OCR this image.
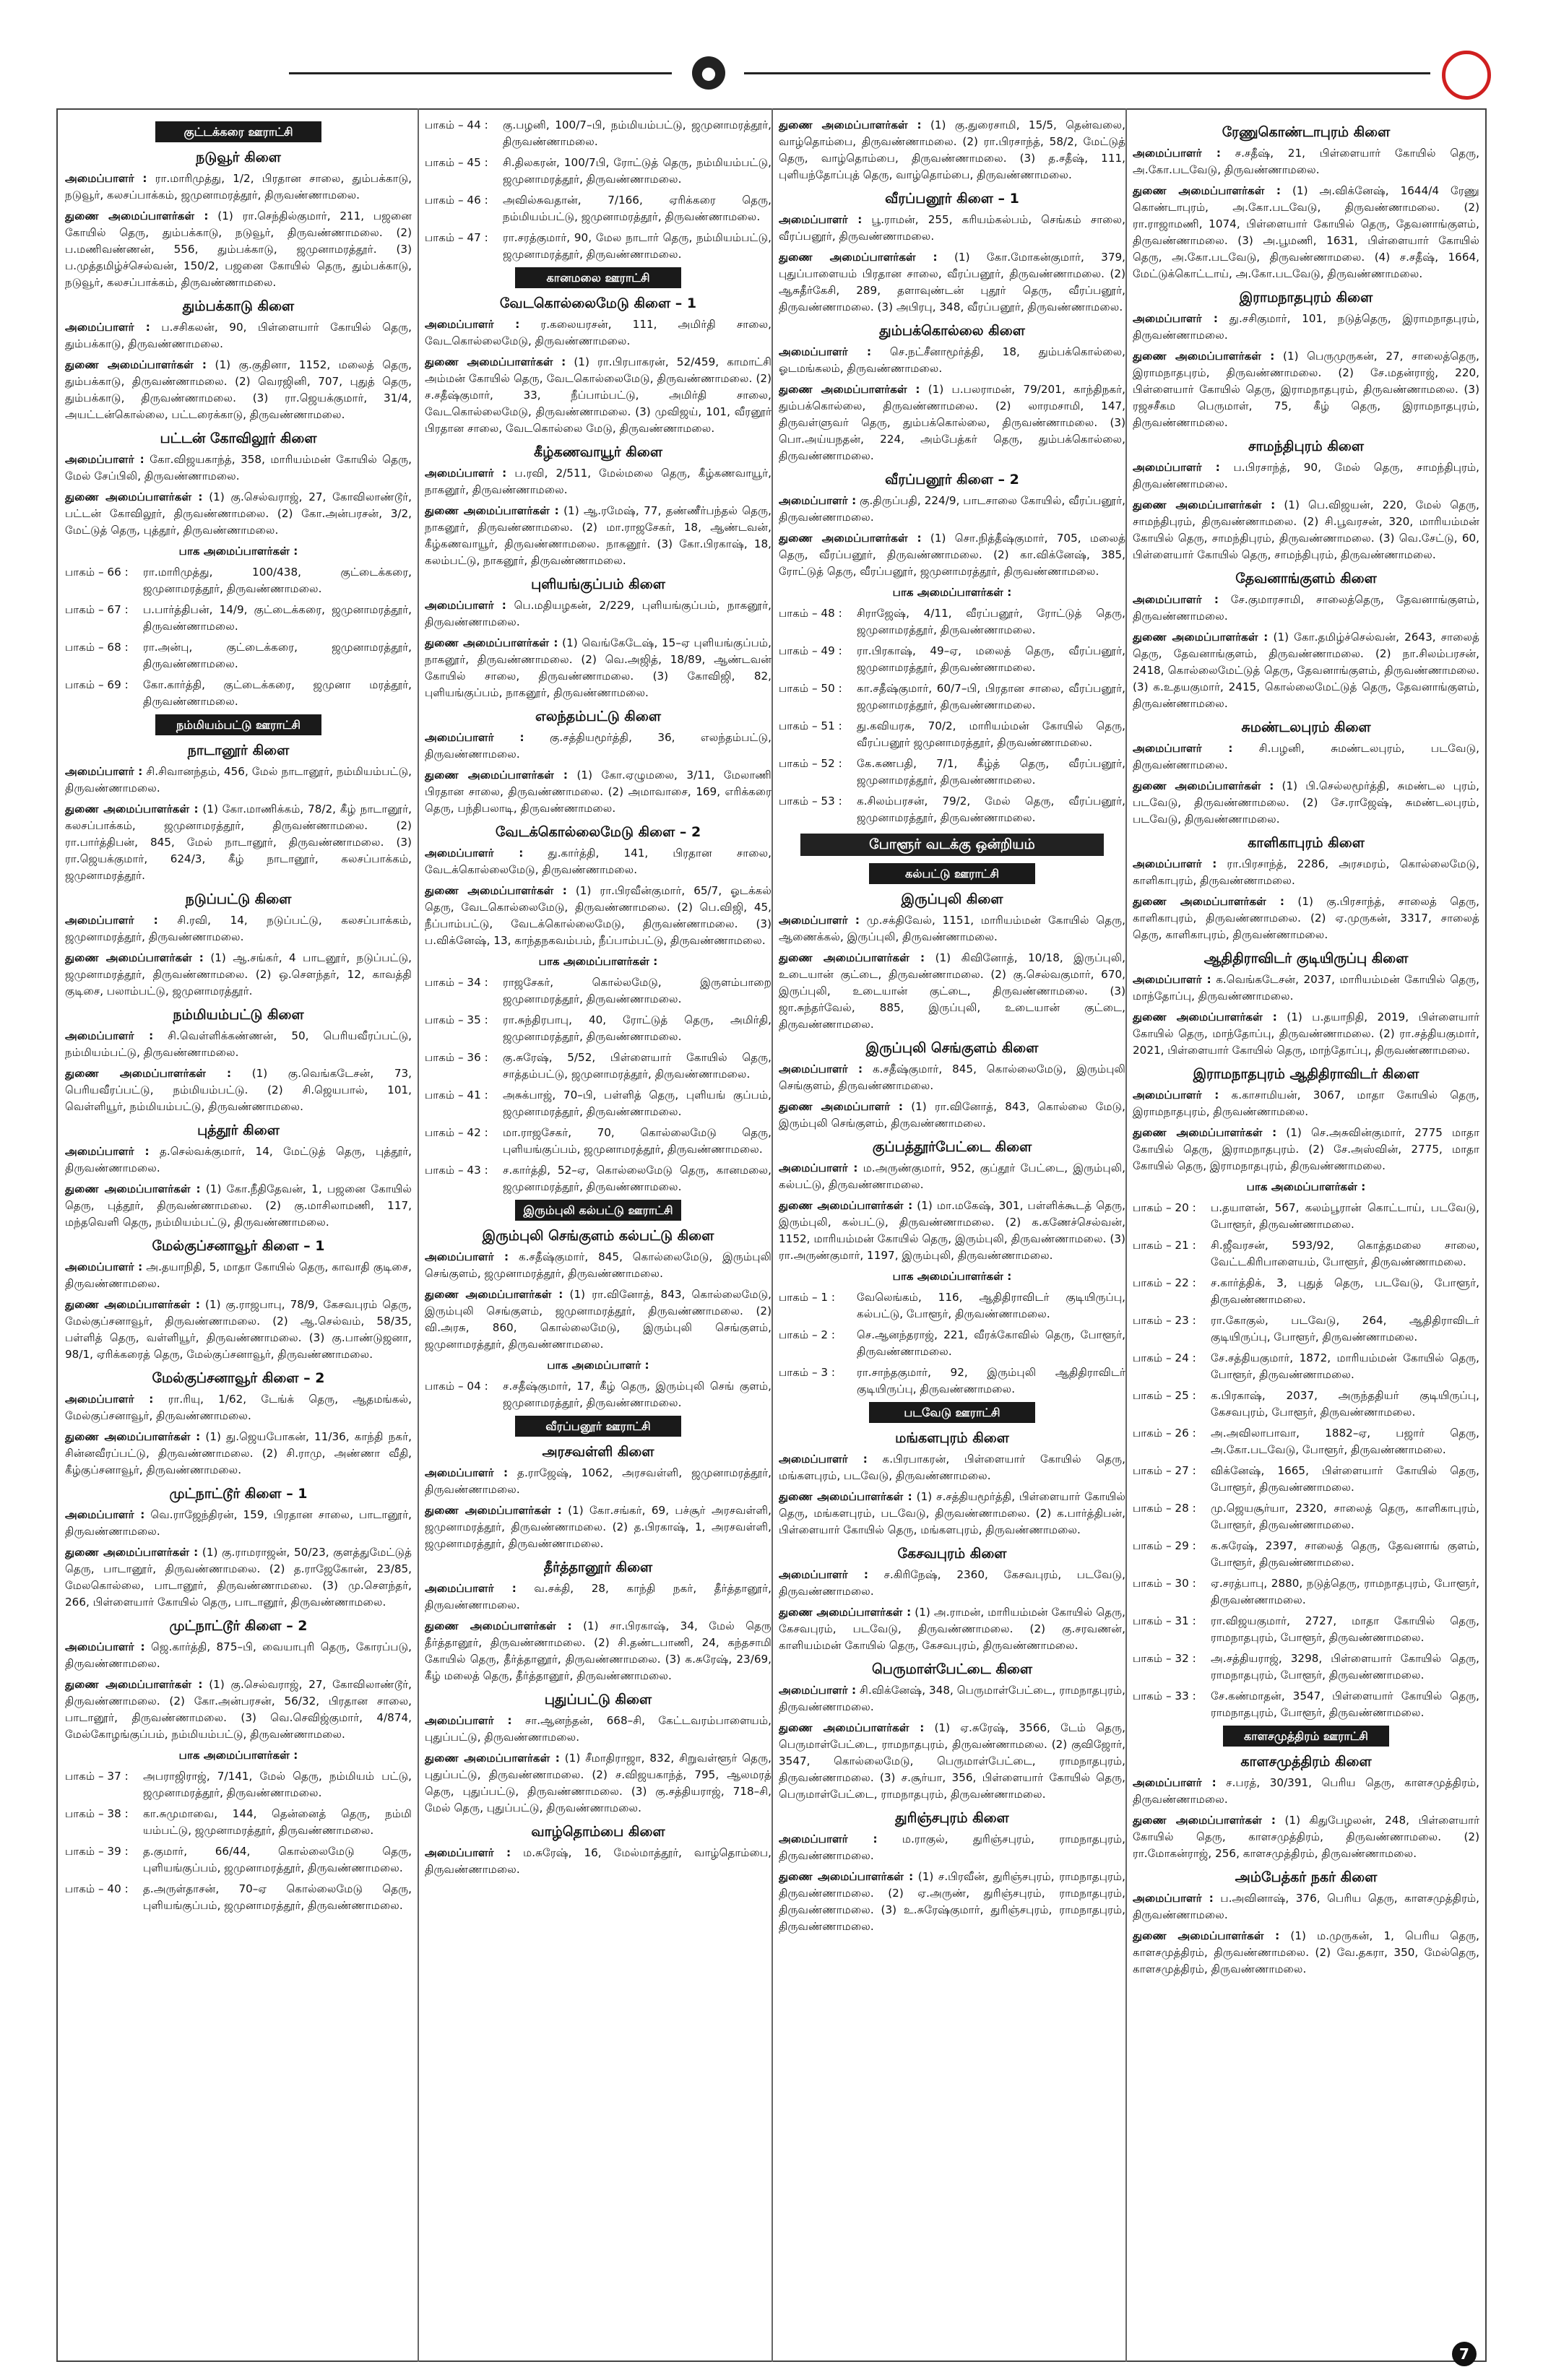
●
குட்டக்கரை ஊராட்சி
நடுவூர் கிளை

அமைப்பாளர் : ரா.மாரிமுத்து, 1/2, பிரதான சாலை, தும்பக்காடு, நடுவூர், கலசப்பாக்கம், ஜமுனாமரத்தூர், திருவண்ணாமலை.

துணை அமைப்பாளர்கள் : (1) ரா.செந்தில்குமார், 211, பஜனை கோயில் தெரு, தும்பக்காடு, நடுவூர், திருவண்ணாமலை. (2) ப.மணிவண்ணன், 556, தும்பக்காடு, ஜமுனாமரத்தூர். (3) ப.முத்தமிழ்ச்செல்வன், 150/2, பஜனை கோயில் தெரு, தும்பக்காடு, நடுவூர், கலசப்பாக்கம், திருவண்ணாமலை.

தும்பக்காடு கிளை

அமைப்பாளர் : ப.சசிகலன், 90, பிள்ளையார் கோயில் தெரு, தும்பக்காடு, திருவண்ணாமலை.

துணை அமைப்பாளர்கள் : (1) கு.குதினா, 1152, மலைத் தெரு, தும்பக்காடு, திருவண்ணாமலை. (2) வெரஜினி, 707, புதுத் தெரு, தும்பக்காடு, திருவண்ணாமலை. (3) ரா.ஜெயக்குமார், 31/4, அயட்டன்கொல்லை, பட்டரைக்காடு, திருவண்ணாமலை.

பட்டன் கோவிலூர் கிளை

அமைப்பாளர் : கோ.விஜயகாந்த், 358, மாரியம்மன் கோயில் தெரு, மேல் சேப்பிலி, திருவண்ணாமலை.

துணை அமைப்பாளர்கள் : (1) கு.செல்வராஜ், 27, கோவிலாண்டூர், பட்டன் கோவிலூர், திருவண்ணாமலை. (2) கோ.அன்பரசன், 3/2, மேட்டுத் தெரு, புத்தூர், திருவண்ணாமலை.

பாக அமைப்பாளர்கள் :
பாகம் – 66 :	ரா.மாரிமுத்து, 100/438, குட்டைக்கரை, ஜமுனாமரத்தூர், திருவண்ணாமலை.
பாகம் – 67 :	ப.பார்த்திபன், 14/9, குட்டைக்கரை, ஜமுனாமரத்தூர், திருவண்ணாமலை.
பாகம் – 68 :	ரா.அன்பு, குட்டைக்கரை, ஜமுனாமரத்தூர், திருவண்ணாமலை.
பாகம் – 69 :	கோ.கார்த்தி, குட்டைக்கரை, ஜமுனா மரத்தூர், திருவண்ணாமலை.
நம்மியம்பட்டு ஊராட்சி
நாடானூர் கிளை

அமைப்பாளர் : சி.சிவானந்தம், 456, மேல் நாடானூர், நம்மியம்பட்டு, திருவண்ணாமலை.

துணை அமைப்பாளர்கள் : (1) கோ.மாணிக்கம், 78/2, கீழ் நாடானூர், கலசப்பாக்கம், ஜமுனாமரத்தூர், திருவண்ணாமலை. (2) ரா.பார்த்திபன், 845, மேல் நாடானூர், திருவண்ணாமலை. (3) ரா.ஜெயக்குமார், 624/3, கீழ் நாடானூர், கலசப்பாக்கம், ஜமுனாமரத்தூர்.

நடுப்பட்டு கிளை

அமைப்பாளர் : சி.ரவி, 14, நடுப்பட்டு, கலசப்பாக்கம், ஜமுனாமரத்தூர், திருவண்ணாமலை.

துணை அமைப்பாளர்கள் : (1) ஆ.சங்கர், 4 பாடனூர், நடுப்பட்டு, ஜமுனாமரத்தூர், திருவண்ணாமலை. (2) ஒ.சௌந்தர், 12, காவத்தி குடிசை, பலாம்பட்டு, ஜமுனாமரத்தூர்.

நம்மியம்பட்டு கிளை

அமைப்பாளர் : சி.வெள்ளிக்கண்ணன், 50, பெரியவீரப்பட்டு, நம்மியம்பட்டு, திருவண்ணாமலை.

துணை அமைப்பாளர்கள் : (1) கு.வெங்கடேசன், 73, பெரியவீரப்பட்டு, நம்மியம்பட்டு. (2) சி.ஜெயபால், 101, வெள்ளியூர், நம்மியம்பட்டு, திருவண்ணாமலை.

புத்தூர் கிளை

அமைப்பாளர் : த.செல்வக்குமார், 14, மேட்டுத் தெரு, புத்தூர், திருவண்ணாமலை.

துணை அமைப்பாளர்கள் : (1) கோ.நீதிதேவன், 1, பஜனை கோயில் தெரு, புத்தூர், திருவண்ணாமலை. (2) கு.மாசிலாமணி, 117, மந்தவெளி தெரு, நம்மியம்பட்டு, திருவண்ணாமலை.

மேல்குப்சனாவூர் கிளை – 1

அமைப்பாளர் : அ.தயாநிதி, 5, மாதா கோயில் தெரு, காவாதி குடிசை, திருவண்ணாமலை.

துணை அமைப்பாளர்கள் : (1) கு.ராஜபாபு, 78/9, கேசவபுரம் தெரு, மேல்குப்சனாவூர், திருவண்ணாமலை. (2) ஆ.செல்வம், 58/35, பள்ளித் தெரு, வள்ளியூர், திருவண்ணாமலை. (3) கு.பாண்டுஜனா, 98/1, ஏரிக்கரைத் தெரு, மேல்குப்சனாவூர், திருவண்ணாமலை.

மேல்குப்சனாவூர் கிளை – 2

அமைப்பாளர் : ரா.ரியு, 1/62, டேங்க் தெரு, ஆதமங்கல், மேல்குப்சனாவூர், திருவண்ணாமலை.

துணை அமைப்பாளர்கள் : (1) து.ஜெயபோகன், 11/36, காந்தி நகர், சின்னவீரப்பட்டு, திருவண்ணாமலை. (2) சி.ராமு, அண்ணா வீதி, கீழ்குப்சனாவூர், திருவண்ணாமலை.

முட்நாட்டூர் கிளை – 1

அமைப்பாளர் : வெ.ராஜேந்திரன், 159, பிரதான சாலை, பாடானூர், திருவண்ணாமலை.

துணை அமைப்பாளர்கள் : (1) கு.ராமராஜன், 50/23, குளத்துமேட்டுத் தெரு, பாடானூர், திருவண்ணாமலை. (2) த.ராஜேகோன், 23/85, மேலகொல்லை, பாடானூர், திருவண்ணாமலை. (3) மு.சௌந்தர், 266, பிள்ளையார் கோயில் தெரு, பாடானூர், திருவண்ணாமலை.

முட்நாட்டூர் கிளை – 2

அமைப்பாளர் : ஜெ.கார்த்தி, 875–பி, வையாபுரி தெரு, கோரப்படு, திருவண்ணாமலை.

துணை அமைப்பாளர்கள் : (1) கு.செல்வராஜ், 27, கோவிலாண்டூர், திருவண்ணாமலை. (2) கோ.அன்பரசன், 56/32, பிரதான சாலை, பாடானூர், திருவண்ணாமலை. (3) வெ.செவிஜ்குமார், 4/874, மேல்கோழங்குப்பம், நம்மியம்பட்டு, திருவண்ணாமலை.

பாக அமைப்பாளர்கள் :
பாகம் – 37 :	அபராஜிராஜ், 7/141, மேல் தெரு, நம்மியம் பட்டு, ஜமுனாமரத்தூர், திருவண்ணாமலை.
பாகம் – 38 :	கா.சுமுமாவை, 144, தென்னைத் தெரு, நம்மி யம்பட்டு, ஜமுனாமரத்தூர், திருவண்ணாமலை.
பாகம் – 39 :	த.குமார், 66/44, கொல்லைமேடு தெரு, புளியங்குப்பம், ஜமுனாமரத்தூர், திருவண்ணாமலை.
பாகம் – 40 :	த.அருள்தாசன், 70–ஏ கொல்லைமேடு தெரு, புளியங்குப்பம், ஜமுனாமரத்தூர், திருவண்ணாமலை.
பாகம் – 44 :	கு.பழனி, 100/7–பி, நம்மியம்பட்டு, ஜமுனாமரத்தூர், திருவண்ணாமலை.
பாகம் – 45 :	சி.திலகரன், 100/7பி, ரோட்டுத் தெரு, நம்மியம்பட்டு, ஜமுனாமரத்தூர், திருவண்ணாமலை.
பாகம் – 46 :	அவில்சுவதான், 7/166, ஏரிக்கரை தெரு, நம்மியம்பட்டு, ஜமுனாமரத்தூர், திருவண்ணாமலை.
பாகம் – 47 :	ரா.சரத்குமார், 90, மேல நாடார் தெரு, நம்மியம்பட்டு, ஜமுனாமரத்தூர், திருவண்ணாமலை.
கானமலை ஊராட்சி
வேடகொல்லைமேடு கிளை – 1

அமைப்பாளர் : ர.கலையரசன், 111, அமிர்தி சாலை, வேடகொல்லைமேடு, திருவண்ணாமலை.

துணை அமைப்பாளர்கள் : (1) ரா.பிரபாகரன், 52/459, காமாட்சி அம்மன் கோயில் தெரு, வேடகொல்லைமேடு, திருவண்ணாமலை. (2) ச.சதீஷ்குமார், 33, நீப்பாம்பட்டு, அமிர்தி சாலை, வேடகொல்லைமேடு, திருவண்ணாமலை. (3) முவிஜய், 101, வீரனூர் பிரதான சாலை, வேடகொல்லை மேடு, திருவண்ணாமலை.

கீழ்கணவாயூர் கிளை

அமைப்பாளர் : ப.ரவி, 2/511, மேல்மலை தெரு, கீழ்கணவாயூர், நாகனூர், திருவண்ணாமலை.

துணை அமைப்பாளர்கள் : (1) ஆ.ரமேஷ், 77, தண்ணீர்பந்தல் தெரு, நாகனூர், திருவண்ணாமலை. (2) மா.ராஜசேகர், 18, ஆண்டவன், கீழ்கணவாயூர், திருவண்ணாமலை. நாகனூர். (3) கோ.பிரகாஷ், 18, கலம்பட்டு, நாகனூர், திருவண்ணாமலை.

புளியங்குப்பம் கிளை

அமைப்பாளர் : பெ.மதியழகன், 2/229, புளியங்குப்பம், நாகனூர், திருவண்ணாமலை.

துணை அமைப்பாளர்கள் : (1) வெங்கேடேஷ், 15–ஏ புளியங்குப்பம், நாகனூர், திருவண்ணாமலை. (2) வெ.அஜித், 18/89, ஆண்டவன் கோயில் சாலை, திருவண்ணாமலை. (3) கோவிஜி, 82, புளியங்குப்பம், நாகனூர், திருவண்ணாமலை.

எலந்தம்பட்டு கிளை

அமைப்பாளர் : கு.சத்தியமூர்த்தி, 36, எலந்தம்பட்டு, திருவண்ணாமலை.

துணை அமைப்பாளர்கள் : (1) கோ.ஏழுமலை, 3/11, மேலாணி பிரதான சாலை, திருவண்ணாமலை. (2) அமாவாசை, 169, எரிக்கரை தெரு, பந்திபலாடி, திருவண்ணாமலை.

வேடக்கொல்லைமேடு கிளை – 2

அமைப்பாளர் : து.கார்த்தி, 141, பிரதான சாலை, வேடக்கொல்லைமேடு, திருவண்ணாமலை.

துணை அமைப்பாளர்கள் : (1) ரா.பிரவீன்குமார், 65/7, ஓடக்கல் தெரு, வேடகொல்லைமேடு, திருவண்ணாமலை. (2) பெ.விஜி, 45, நீப்பாம்பட்டு, வேடக்கொல்லைமேடு, திருவண்ணாமலை. (3) ப.விக்னேஷ், 13, காந்தநகவம்பம், நீப்பாம்பட்டு, திருவண்ணாமலை.

பாக அமைப்பாளர்கள் :
பாகம் – 34 :	ராஜசேகர், கொல்லமேடு, இருளம்பாறை ஜமுனாமரத்தூர், திருவண்ணாமலை.
பாகம் – 35 :	ரா.சுந்திரபாபு, 40, ரோட்டுத் தெரு, அமிர்தி, ஜமுனாமரத்தூர், திருவண்ணாமலை.
பாகம் – 36 :	கு.சுரேஷ், 5/52, பிள்ளையார் கோயில் தெரு, சாத்தம்பட்டு, ஜமுனாமரத்தூர், திருவண்ணாமலை.
பாகம் – 41 :	அசுக்பாஜ், 70–பி, பள்ளித் தெரு, புளியங் குப்பம், ஜமுனாமரத்தூர், திருவண்ணாமலை.
பாகம் – 42 :	மா.ராஜசேகர், 70, கொல்லைமேடு தெரு, புளியங்குப்பம், ஜமுனாமரத்தூர், திருவண்ணாமலை.
பாகம் – 43 :	ச.கார்த்தி, 52–ஏ, கொல்லைமேடு தெரு, கானமலை, ஜமுனாமரத்தூர், திருவண்ணாமலை.
இரும்புலி கல்பட்டு ஊராட்சி
இரும்புலி செங்குளம் கல்பட்டு கிளை

அமைப்பாளர் : க.சதீஷ்குமார், 845, கொல்லைமேடு, இரும்புலி செங்குளம், ஜமுனாமரத்தூர், திருவண்ணாமலை.

துணை அமைப்பாளர்கள் : (1) ரா.வினோத், 843, கொல்லைமேடு, இரும்புலி செங்குளம், ஜமுனாமரத்தூர், திருவண்ணாமலை. (2) வி.அரசு, 860, கொல்லைமேடு, இரும்புலி செங்குளம், ஜமுனாமரத்தூர், திருவண்ணாமலை.

பாக அமைப்பாளர் :
பாகம் – 04 :	ச.சதீஷ்குமார், 17, கீழ் தெரு, இரும்புலி செங் குளம், ஜமுனாமரத்தூர், திருவண்ணாமலை.
வீரப்பனூர் ஊராட்சி
அரசவள்ளி கிளை

அமைப்பாளர் : த.ராஜேஷ், 1062, அரசவள்ளி, ஜமுனாமரத்தூர், திருவண்ணாமலை.

துணை அமைப்பாளர்கள் : (1) கோ.சங்கர், 69, பச்சூர் அரசவள்ளி, ஜமுனாமரத்தூர், திருவண்ணாமலை. (2) த.பிரகாஷ், 1, அரசவள்ளி, ஜமுனாமரத்தூர், திருவண்ணாமலை.

தீர்த்தானூர் கிளை

அமைப்பாளர் : வ.சக்தி, 28, காந்தி நகர், தீர்த்தானூர், திருவண்ணாமலை.

துணை அமைப்பாளர்கள் : (1) சா.பிரகாஷ், 34, மேல் தெரு தீர்த்தானூர், திருவண்ணாமலை. (2) சி.தண்டபாணி, 24, கந்தசாமி கோயில் தெரு, தீர்த்தானூர், திருவண்ணாமலை. (3) க.சுரேஷ், 23/69, கீழ் மலைத் தெரு, தீர்த்தானூர், திருவண்ணாமலை.

புதுப்பட்டு கிளை

அமைப்பாளர் : சா.ஆனந்தன், 668–சி, கேட்டவரம்பாளையம், புதுப்பட்டு, திருவண்ணாமலை.

துணை அமைப்பாளர்கள் : (1) சீமாதிராஜா, 832, சிறுவள்ளூர் தெரு, புதுப்பட்டு, திருவண்ணாமலை. (2) ச.விஜயகாந்த், 795, ஆலமரத் தெரு, புதுப்பட்டு, திருவண்ணாமலை. (3) கு.சத்தியராஜ், 718–சி, மேல் தெரு, புதுப்பட்டு, திருவண்ணாமலை.

வாழ்தொம்பை கிளை

அமைப்பாளர் : ம.சுரேஷ், 16, மேல்மாத்தூர், வாழ்தொம்பை, திருவண்ணாமலை.

துணை அமைப்பாளர்கள் : (1) கு.துரைசாமி, 15/5, தென்வலை, வாழ்தொம்பை, திருவண்ணாமலை. (2) ரா.பிரசாந்த், 58/2, மேட்டுத் தெரு, வாழ்தொம்பை, திருவண்ணாமலை. (3) த.சதீஷ், 111, புளியந்தோப்புத் தெரு, வாழ்தொம்பை, திருவண்ணாமலை.

வீரப்பனூர் கிளை – 1

அமைப்பாளர் : பூ.ராமன், 255, கரியம்கல்பம், செங்கம் சாலை, வீரப்பனூர், திருவண்ணாமலை.

துணை அமைப்பாளர்கள் : (1) கோ.மோகன்குமார், 379, புதுப்பாளையம் பிரதான சாலை, வீரப்பனூர், திருவண்ணாமலை. (2) ஆசுதீர்கேசி, 289, தளாவுண்டன் புதூர் தெரு, வீரப்பனூர், திருவண்ணாமலை. (3) அபிரபு, 348, வீரப்பனூர், திருவண்ணாமலை.

தும்பக்கொல்லை கிளை

அமைப்பாளர் : செ.நட்சீனாமூர்த்தி, 18, தும்பக்கொல்லை, ஓடமங்கலம், திருவண்ணாமலை.

துணை அமைப்பாளர்கள் : (1) ப.பலராமன், 79/201, காந்திநகர், தும்பக்கொல்லை, திருவண்ணாமலை. (2) லாரமசாமி, 147, திருவள்ளுவர் தெரு, தும்பக்கொல்லை, திருவண்ணாமலை. (3) பொ.அய்யநதன், 224, அம்பேத்கர் தெரு, தும்பக்கொல்லை, திருவண்ணாமலை.

வீரப்பனூர் கிளை – 2

அமைப்பாளர் : கு.திருப்பதி, 224/9, பாடசாலை கோயில், வீரப்பனூர், திருவண்ணாமலை.

துணை அமைப்பாளர்கள் : (1) சொ.நித்தீஷ்குமார், 705, மலைத் தெரு, வீரப்பனூர், திருவண்ணாமலை. (2) கா.விக்னேஷ், 385, ரோட்டுத் தெரு, வீரப்பனூர், ஜமுனாமரத்தூர், திருவண்ணாமலை.

பாக அமைப்பாளர்கள் :
பாகம் – 48 :	சிராஜேஷ், 4/11, வீரப்பனூர், ரோட்டுத் தெரு, ஜமுனாமரத்தூர், திருவண்ணாமலை.
பாகம் – 49 :	ரா.பிரகாஷ், 49–ஏ, மலைத் தெரு, வீரப்பனூர், ஜமுனாமரத்தூர், திருவண்ணாமலை.
பாகம் – 50 :	கா.சதீஷ்குமார், 60/7–பி, பிரதான சாலை, வீரப்பனூர், ஜமுனாமரத்தூர், திருவண்ணாமலை.
பாகம் – 51 :	து.கவியரசு, 70/2, மாரியம்மன் கோயில் தெரு, வீரப்பனூர் ஜமுனாமரத்தூர், திருவண்ணாமலை.
பாகம் – 52 :	கே.கணபதி, 7/1, கீழ்த் தெரு, வீரப்பனூர், ஜமுனாமரத்தூர், திருவண்ணாமலை.
பாகம் – 53 :	க.சிலம்பரசன், 79/2, மேல் தெரு, வீரப்பனூர், ஜமுனாமரத்தூர், திருவண்ணாமலை.
போளூர் வடக்கு ஒன்றியம்
கல்பட்டு ஊராட்சி
இருப்புலி கிளை

அமைப்பாளர் : மு.சக்திவேல், 1151, மாரியம்மன் கோயில் தெரு, ஆணைக்கல், இருப்புலி, திருவண்ணாமலை.

துணை அமைப்பாளர்கள் : (1) கிவினோத், 10/18, இருப்புலி, உடையான் குட்டை, திருவண்ணாமலை. (2) கு.செல்வகுமார், 670, இருப்புலி, உடையான் குட்டை, திருவண்ணாமலை. (3) ஜா.சுந்தர்வேல், 885, இருப்புலி, உடையான் குட்டை, திருவண்ணாமலை.

இருப்புலி செங்குளம் கிளை

அமைப்பாளர் : க.சதீஷ்குமார், 845, கொல்லைமேடு, இரும்புலி செங்குளம், திருவண்ணாமலை.

துணை அமைப்பாளர் : (1) ரா.வினோத், 843, கொல்லை மேடு, இரும்புலி செங்குளம், திருவண்ணாமலை.

குப்பத்தூர்பேட்டை கிளை

அமைப்பாளர் : ம.அருண்குமார், 952, குப்தூர் பேட்டை, இரும்புலி, கல்பட்டு, திருவண்ணாமலை.

துணை அமைப்பாளர்கள் : (1) மா.மகேஷ், 301, பள்ளிக்கூடத் தெரு, இரும்புலி, கல்பட்டு, திருவண்ணாமலை. (2) க.கணேச்செல்வன், 1152, மாரியம்மன் கோயில் தெரு, இரும்புலி, திருவண்ணாமலை. (3) ரா.அருண்குமார், 1197, இரும்புலி, திருவண்ணாமலை.

பாக அமைப்பாளர்கள் :
பாகம் – 1 :	வேலெங்கம், 116, ஆதிதிராவிடர் குடியிருப்பு, கல்பட்டு, போளூர், திருவண்ணாமலை.
பாகம் – 2 :	செ.ஆனந்தராஜ், 221, வீரக்கோவில் தெரு, போளூர், திருவண்ணாமலை.
பாகம் – 3 :	ரா.சாந்தகுமார், 92, இரும்புலி ஆதிதிராவிடர் குடியிருப்பு, திருவண்ணாமலை.
படவேடு ஊராட்சி
மங்களபுரம் கிளை

அமைப்பாளர் : க.பிரபாகரன், பிள்ளையார் கோயில் தெரு, மங்களபுரம், படவேடு, திருவண்ணாமலை.

துணை அமைப்பாளர்கள் : (1) ச.சத்தியமூர்த்தி, பிள்ளையார் கோயில் தெரு, மங்களபுரம், படவேடு, திருவண்ணாமலை. (2) க.பார்த்திபன், பிள்ளையார் கோயில் தெரு, மங்களபுரம், திருவண்ணாமலை.

கேசவபுரம் கிளை

அமைப்பாளர் : ச.கிரிநேஷ், 2360, கேசவபுரம், படவேடு, திருவண்ணாமலை.

துணை அமைப்பாளர்கள் : (1) அ.ராமன், மாரியம்மன் கோயில் தெரு, கேசவபுரம், படவேடு, திருவண்ணாமலை. (2) கு.சரவணன், காளியம்மன் கோயில் தெரு, கேசவபுரம், திருவண்ணாமலை.

பெருமாள்பேட்டை கிளை

அமைப்பாளர் : சி.விக்னேஷ், 348, பெருமாள்பேட்டை, ராமநாதபுரம், திருவண்ணாமலை.

துணை அமைப்பாளர்கள் : (1) ஏ.சுரேஷ், 3566, டேம் தெரு, பெருமாள்பேட்டை, ராமநாதபுரம், திருவண்ணாமலை. (2) குவிஜோர், 3547, கொல்லைமேடு, பெருமாள்பேட்டை, ராமநாதபுரம், திருவண்ணாமலை. (3) ச.சூர்யா, 356, பிள்ளையார் கோயில் தெரு, பெருமாள்பேட்டை, ராமநாதபுரம், திருவண்ணாமலை.

துரிஞ்சபுரம் கிளை

அமைப்பாளர் : ம.ராகுல், துரிஞ்சபுரம், ராமநாதபுரம், திருவண்ணாமலை.

துணை அமைப்பாளர்கள் : (1) ச.பிரவீன், துரிஞ்சபுரம், ராமநாதபுரம், திருவண்ணாமலை. (2) ஏ.அருண், துரிஞ்சபுரம், ராமநாதபுரம், திருவண்ணாமலை. (3) உ.சுரேஷ்குமார், துரிஞ்சபுரம், ராமநாதபுரம், திருவண்ணாமலை.

ரேணுகொண்டாபுரம் கிளை

அமைப்பாளர் : ச.சதீஷ், 21, பிள்ளையார் கோயில் தெரு, அ.கோ.படவேடு, திருவண்ணாமலை.

துணை அமைப்பாளர்கள் : (1) அ.விக்னேஷ், 1644/4 ரேணு கொண்டாபுரம், அ.கோ.படவேடு, திருவண்ணாமலை. (2) ரா.ராஜாமணி, 1074, பிள்ளையார் கோயில் தெரு, தேவனாங்குளம், திருவண்ணாமலை. (3) அ.பூமணி, 1631, பிள்ளையார் கோயில் தெரு, அ.கோ.படவேடு, திருவண்ணாமலை. (4) ச.சதீஷ், 1664, மேட்டுக்கொட்டாய், அ.கோ.படவேடு, திருவண்ணாமலை.

இராமநாதபுரம் கிளை

அமைப்பாளர் : து.சசிகுமார், 101, நடுத்தெரு, இராமநாதபுரம், திருவண்ணாமலை.

துணை அமைப்பாளர்கள் : (1) பெருமுருகன், 27, சாலைத்தெரு, இராமநாதபுரம், திருவண்ணாமலை. (2) சே.மதன்ராஜ், 220, பிள்ளையார் கோயில் தெரு, இராமநாதபுரம், திருவண்ணாமலை. (3) ரஜசசீகம பெருமாள், 75, கீழ் தெரு, இராமநாதபுரம், திருவண்ணாமலை.

சாமந்திபுரம் கிளை

அமைப்பாளர் : ப.பிரசாந்த், 90, மேல் தெரு, சாமந்திபுரம், திருவண்ணாமலை.

துணை அமைப்பாளர்கள் : (1) பெ.விஜயன், 220, மேல் தெரு, சாமந்திபுரம், திருவண்ணாமலை. (2) சி.பூவரசன், 320, மாரியம்மன் கோயில் தெரு, சாமந்திபுரம், திருவண்ணாமலை. (3) வெ.சேட்டு, 60, பிள்ளையார் கோயில் தெரு, சாமந்திபுரம், திருவண்ணாமலை.

தேவனாங்குளம் கிளை

அமைப்பாளர் : சே.குமாரசாமி, சாலைத்தெரு, தேவனாங்குளம், திருவண்ணாமலை.

துணை அமைப்பாளர்கள் : (1) கோ.தமிழ்ச்செல்வன், 2643, சாலைத் தெரு, தேவனாங்குளம், திருவண்ணாமலை. (2) நா.சிலம்பரசன், 2418, கொல்லைமேட்டுத் தெரு, தேவனாங்குளம், திருவண்ணாமலை. (3) க.உதயகுமார், 2415, கொல்லைமேட்டுத் தெரு, தேவனாங்குளம், திருவண்ணாமலை.

சுமண்டலபுரம் கிளை

அமைப்பாளர் : சி.பழனி, சுமண்டலபுரம், படவேடு, திருவண்ணாமலை.

துணை அமைப்பாளர்கள் : (1) பி.செல்லமூர்த்தி, சுமண்டல புரம், படவேடு, திருவண்ணாமலை. (2) சே.ராஜேஷ், சுமண்டலபுரம், படவேடு, திருவண்ணாமலை.

காளிகாபுரம் கிளை

அமைப்பாளர் : ரா.பிரசாந்த், 2286, அரசமரம், கொல்லைமேடு, காளிகாபுரம், திருவண்ணாமலை.

துணை அமைப்பாளர்கள் : (1) கு.பிரசாந்த், சாலைத் தெரு, காளிகாபுரம், திருவண்ணாமலை. (2) ஏ.முருகன், 3317, சாலைத் தெரு, காளிகாபுரம், திருவண்ணாமலை.

ஆதிதிராவிடர் குடியிருப்பு கிளை

அமைப்பாளர் : க.வெங்கடேசன், 2037, மாரியம்மன் கோயில் தெரு, மாந்தோப்பு, திருவண்ணாமலை.

துணை அமைப்பாளர்கள் : (1) ப.தயாநிதி, 2019, பிள்ளையார் கோயில் தெரு, மாந்தோப்பு, திருவண்ணாமலை. (2) ரா.சத்தியகுமார், 2021, பிள்ளையார் கோயில் தெரு, மாந்தோப்பு, திருவண்ணாமலை.

இராமநாதபுரம் ஆதிதிராவிடர் கிளை

அமைப்பாளர் : க.காசாமியன், 3067, மாதா கோயில் தெரு, இராமநாதபுரம், திருவண்ணாமலை.

துணை அமைப்பாளர்கள் : (1) செ.அசுவின்குமார், 2775 மாதா கோயில் தெரு, இராமநாதபுரம். (2) சே.அஸ்வின், 2775, மாதா கோயில் தெரு, இராமநாதபுரம், திருவண்ணாமலை.

பாக அமைப்பாளர்கள் :
பாகம் – 20 :	ப.தயாளன், 567, கலம்பூரான் கொட்டாய், படவேடு, போளூர், திருவண்ணாமலை.
பாகம் – 21 :	சி.ஜீவரசன், 593/92, கொத்தமலை சாலை, வேட்டகிரிபாளையம், போளூர், திருவண்ணாமலை.
பாகம் – 22 :	ச.கார்த்திக், 3, புதுத் தெரு, படவேடு, போளூர், திருவண்ணாமலை.
பாகம் – 23 :	ரா.கோகுல், படவேடு, 264, ஆதிதிராவிடர் குடியிருப்பு, போளூர், திருவண்ணாமலை.
பாகம் – 24 :	சே.சத்தியகுமார், 1872, மாரியம்மன் கோயில் தெரு, போளூர், திருவண்ணாமலை.
பாகம் – 25 :	க.பிரகாஷ், 2037, அருந்ததியர் குடியிருப்பு, கேசவபுரம், போளூர், திருவண்ணாமலை.
பாகம் – 26 :	அ.அவிலாபாவா, 1882–ஏ, பஜார் தெரு, அ.கோ.படவேடு, போளூர், திருவண்ணாமலை.
பாகம் – 27 :	விக்னேஷ், 1665, பிள்ளையார் கோயில் தெரு, போளூர், திருவண்ணாமலை.
பாகம் – 28 :	மு.ஜெயசூர்யா, 2320, சாலைத் தெரு, காளிகாபுரம், போளூர், திருவண்ணாமலை.
பாகம் – 29 :	க.சுரேஷ், 2397, சாலைத் தெரு, தேவனாங் குளம், போளூர், திருவண்ணாமலை.
பாகம் – 30 :	ஏ.சரத்பாபு, 2880, நடுத்தெரு, ராமநாதபுரம், போளூர், திருவண்ணாமலை.
பாகம் – 31 :	ரா.விஜயகுமார், 2727, மாதா கோயில் தெரு, ராமநாதபுரம், போளூர், திருவண்ணாமலை.
பாகம் – 32 :	அ.சத்தியராஜ், 3298, பிள்ளையார் கோயில் தெரு, ராமநாதபுரம், போளூர், திருவண்ணாமலை.
பாகம் – 33 :	சே.கண்மாதன், 3547, பிள்ளையார் கோயில் தெரு, ராமநாதபுரம், போளூர், திருவண்ணாமலை.
காளசமுத்திரம் ஊராட்சி
காளசமுத்திரம் கிளை

அமைப்பாளர் : ச.பரத், 30/391, பெரிய தெரு, காளசமுத்திரம், திருவண்ணாமலை.

துணை அமைப்பாளர்கள் : (1) கிதுபேழலன், 248, பிள்ளையார் கோயில் தெரு, காளசமுத்திரம், திருவண்ணாமலை. (2) ரா.மோகன்ராஜ், 256, காளசமுத்திரம், திருவண்ணாமலை.

அம்பேத்கர் நகர் கிளை

அமைப்பாளர் : ப.அவினாஷ், 376, பெரிய தெரு, காளசமுத்திரம், திருவண்ணாமலை.

துணை அமைப்பாளர்கள் : (1) ம.முருகன், 1, பெரிய தெரு, காளசமுத்திரம், திருவண்ணாமலை. (2) வே.தகரா, 350, மேல்தெரு, காளசமுத்திரம், திருவண்ணாமலை.

7
